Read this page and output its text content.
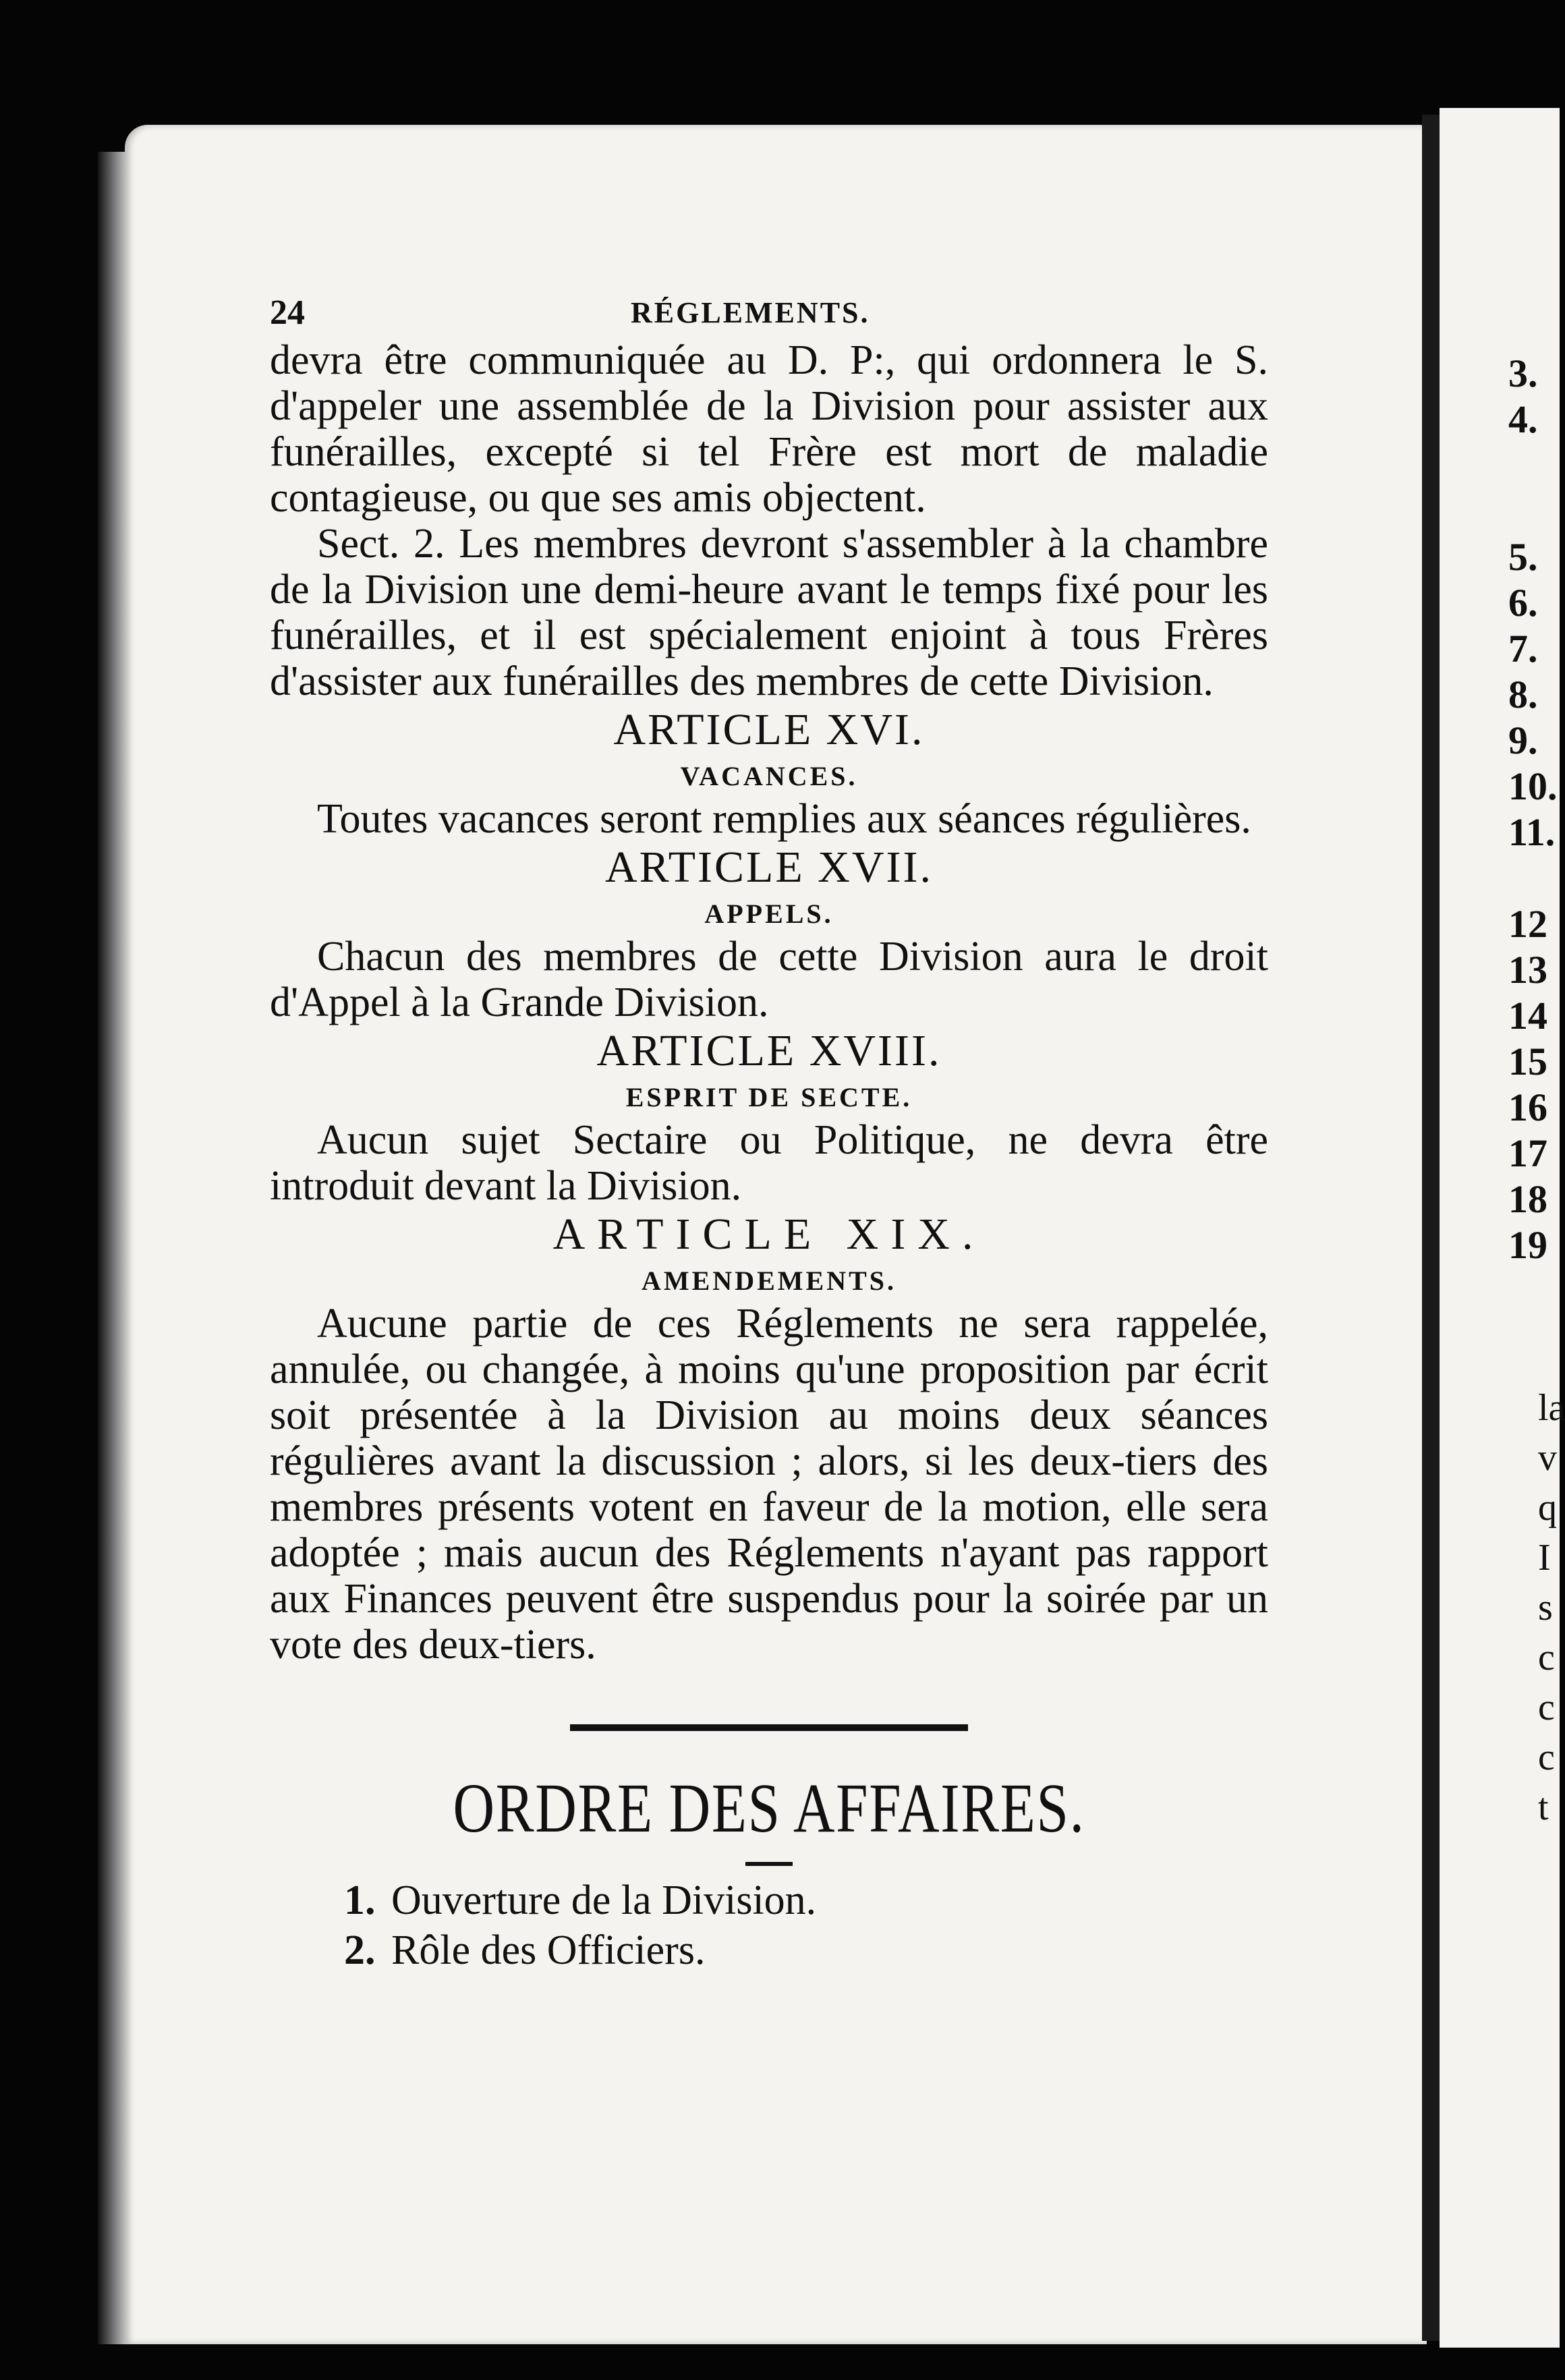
24	RÉGLEMENTS.

devra être communiquée au D. P:, qui ordonnera le S. d'appeler une assemblée de la Division pour assister aux funérailles, excepté si tel Frère est mort de maladie contagieuse, ou que ses amis objectent.

Sect. 2. Les membres devront s'assembler à la chambre de la Division une demi-heure avant le temps fixé pour les funérailles, et il est spécialement enjoint à tous Frères d'assister aux funérailles des membres de cette Division.

ARTICLE XVI.
VACANCES.

Toutes vacances seront remplies aux séances régulières.

ARTICLE XVII.
APPELS.

Chacun des membres de cette Division aura le droit d'Appel à la Grande Division.

ARTICLE XVIII.
ESPRIT DE SECTE.

Aucun sujet Sectaire ou Politique, ne devra être introduit devant la Division.

ARTICLE XIX.
AMENDEMENTS.

Aucune partie de ces Réglements ne sera rappelée, annulée, ou changée, à moins qu'une proposition par écrit soit présentée à la Division au moins deux séances régulières avant la discussion ; alors, si les deux-tiers des membres présents votent en faveur de la motion, elle sera adoptée ; mais aucun des Réglements n'ayant pas rapport aux Finances peuvent être suspendus pour la soirée par un vote des deux-tiers.

ORDRE DES AFFAIRES.
1. Ouverture de la Division.
2. Rôle des Officiers.
3.
4.
5.
6.
7.
8.
9.
10.
11.
12
13
14
15
16
17
18
19
la
v
q
I
s
c
c
c
t
